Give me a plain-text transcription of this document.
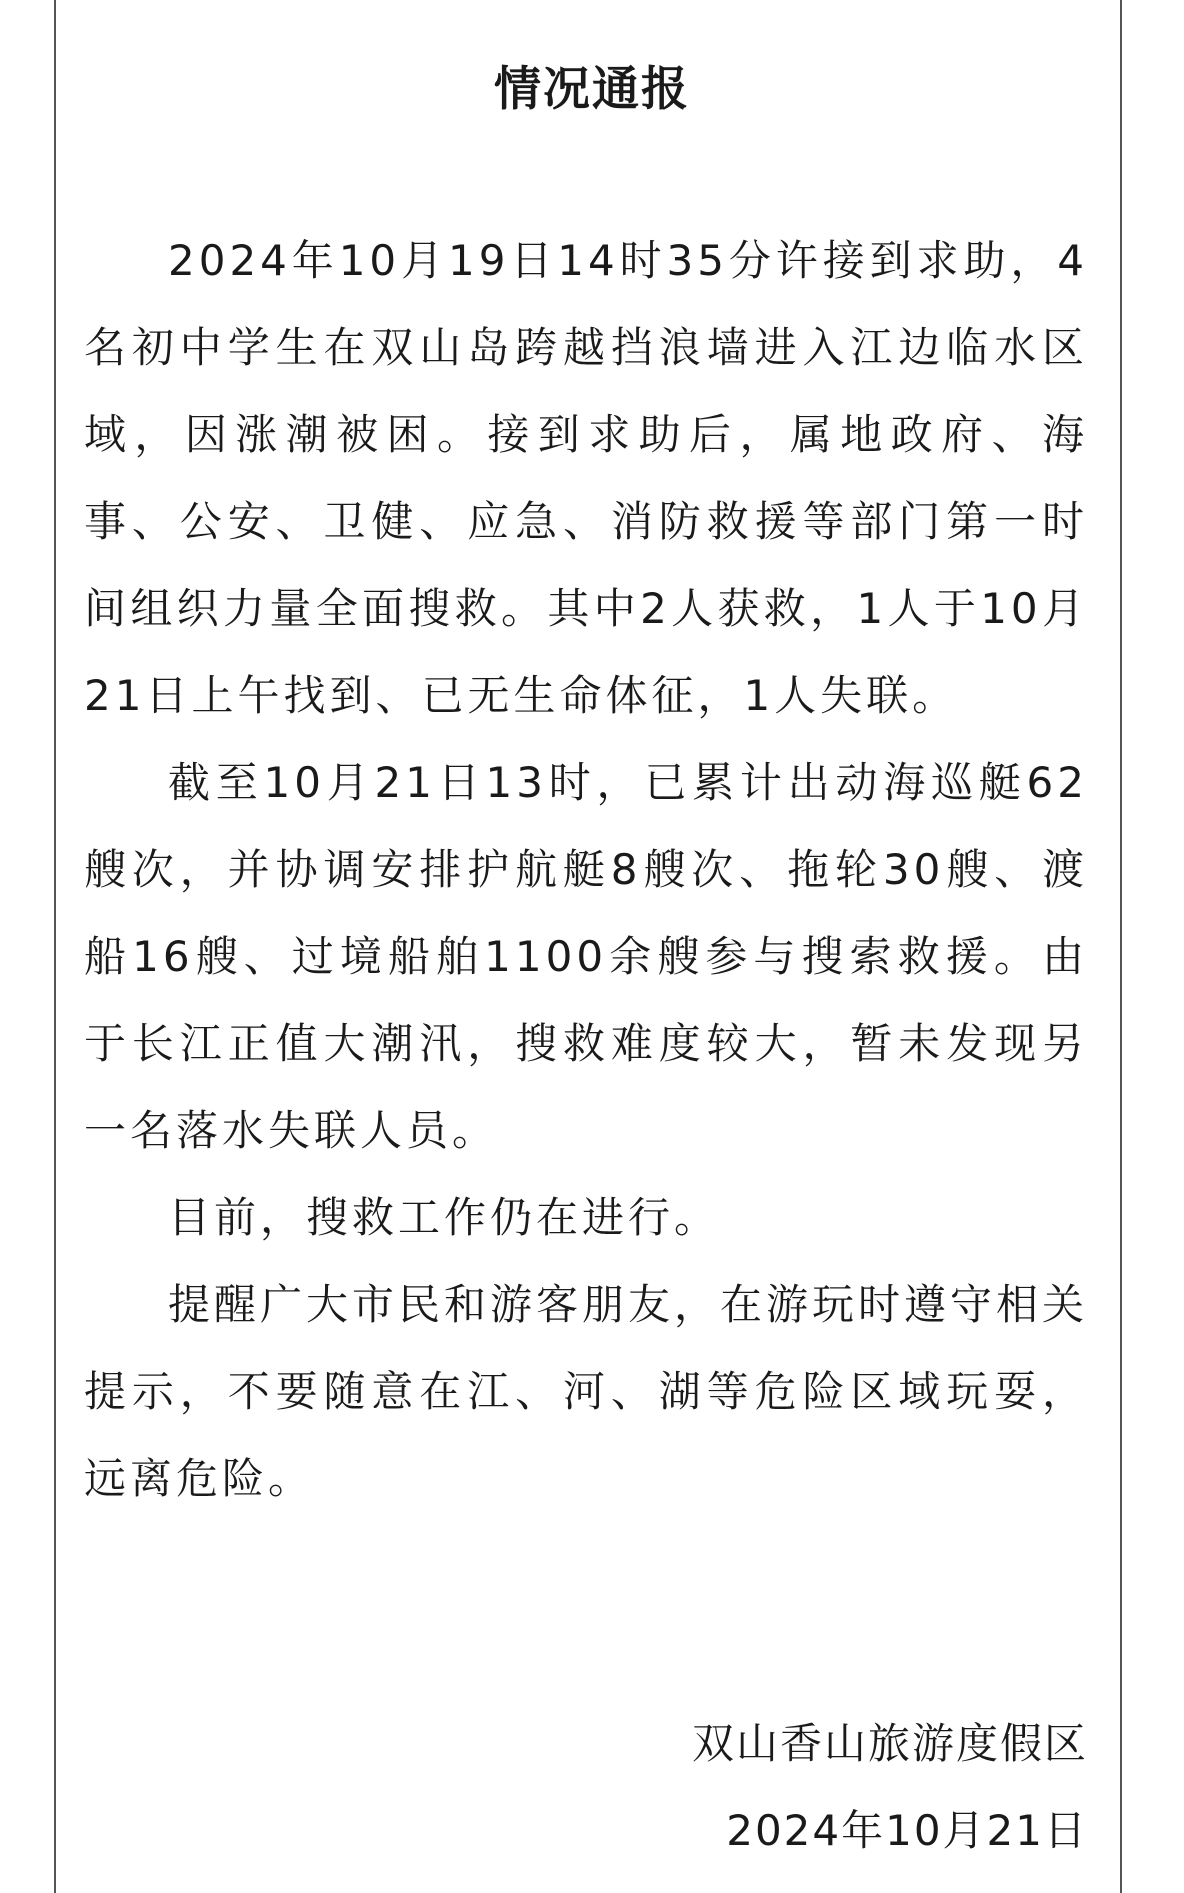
情况通报

2024年10月19日14时35分许接到求助，4名初中学生在双山岛跨越挡浪墙进入江边临水区域，因涨潮被困。接到求助后，属地政府、海事、公安、卫健、应急、消防救援等部门第一时间组织力量全面搜救。其中2人获救，1人于10月21日上午找到、已无生命体征，1人失联。

截至10月21日13时，已累计出动海巡艇62艘次，并协调安排护航艇8艘次、拖轮30艘、渡船16艘、过境船舶1100余艘参与搜索救援。由于长江正值大潮汛，搜救难度较大，暂未发现另一名落水失联人员。

目前，搜救工作仍在进行。

提醒广大市民和游客朋友，在游玩时遵守相关提示，不要随意在江、河、湖等危险区域玩耍，远离危险。

双山香山旅游度假区
2024年10月21日
